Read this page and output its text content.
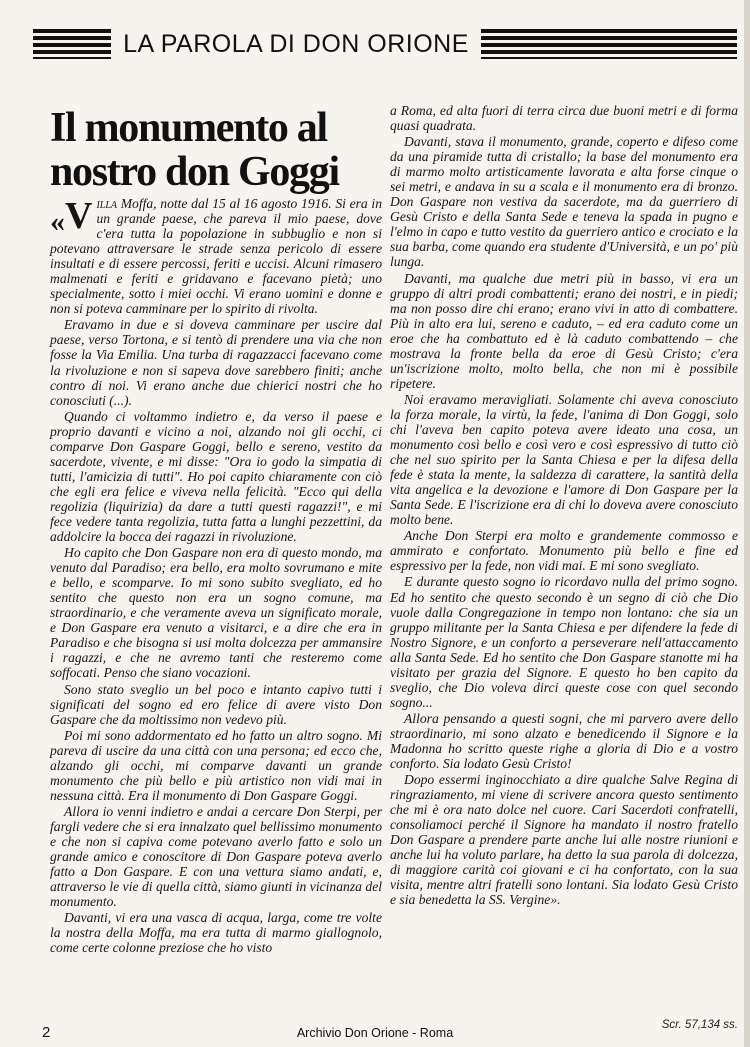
LA PAROLA DI DON ORIONE
Il monumento al nostro don Goggi

«V illa Moffa, notte dal 15 al 16 agosto 1916. Si era in un grande paese, che pareva il mio paese, dove c'era tutta la popolazione in subbuglio e non si potevano attraversare le strade senza pericolo di essere insultati e di essere percossi, feriti e uccisi. Alcuni rimasero malmenati e feriti e gridavano e facevano pietà; uno specialmente, sotto i miei occhi. Vi erano uomini e donne e non si poteva camminare per lo spirito di rivolta.

Eravamo in due e si doveva camminare per uscire dal paese, verso Tortona, e si tentò di prendere una via che non fosse la Via Emilia. Una turba di ragazzacci facevano come la rivoluzione e non si sapeva dove sarebbero finiti; anche contro di noi. Vi erano anche due chierici nostri che ho conosciuti (...).

Quando ci voltammo indietro e, da verso il paese e proprio davanti e vicino a noi, alzando noi gli occhi, ci comparve Don Gaspare Goggi, bello e sereno, vestito da sacerdote, vivente, e mi disse: "Ora io godo la simpatia di tutti, l'amicizia di tutti". Ho poi capito chiaramente con ciò che egli era felice e viveva nella felicità. "Ecco qui della regolizia (liquirizia) da dare a tutti questi ragazzi!", e mi fece vedere tanta regolizia, tutta fatta a lunghi pezzettini, da addolcire la bocca dei ragazzi in rivoluzione.

Ho capito che Don Gaspare non era di questo mondo, ma venuto dal Paradiso; era bello, era molto sovrumano e mite e bello, e scomparve. Io mi sono subito svegliato, ed ho sentito che questo non era un sogno comune, ma straordinario, e che veramente aveva un significato morale, e Don Gaspare era venuto a visitarci, e a dire che era in Paradiso e che bisogna si usi molta dolcezza per ammansire i ragazzi, e che ne avremo tanti che resteremo come soffocati. Penso che siano vocazioni.

Sono stato sveglio un bel poco e intanto capivo tutti i significati del sogno ed ero felice di avere visto Don Gaspare che da moltissimo non vedevo più.

Poi mi sono addormentato ed ho fatto un altro sogno. Mi pareva di uscire da una città con una persona; ed ecco che, alzando gli occhi, mi comparve davanti un grande monumento che più bello e più artistico non vidi mai in nessuna città. Era il monumento di Don Gaspare Goggi.

Allora io venni indietro e andai a cercare Don Sterpi, per fargli vedere che si era innalzato quel bellissimo monumento e che non si capiva come potevano averlo fatto e solo un grande amico e conoscitore di Don Gaspare poteva averlo fatto a Don Gaspare. E con una vettura siamo andati, e, attraverso le vie di quella città, siamo giunti in vicinanza del monumento.

Davanti, vi era una vasca di acqua, larga, come tre volte la nostra della Moffa, ma era tutta di marmo giallognolo, come certe colonne preziose che ho visto

a Roma, ed alta fuori di terra circa due buoni metri e di forma quasi quadrata.

Davanti, stava il monumento, grande, coperto e difeso come da una piramide tutta di cristallo; la base del monumento era di marmo molto artisticamente lavorata e alta forse cinque o sei metri, e andava in su a scala e il monumento era di bronzo. Don Gaspare non vestiva da sacerdote, ma da guerriero di Gesù Cristo e della Santa Sede e teneva la spada in pugno e l'elmo in capo e tutto vestito da guerriero antico e crociato e la sua barba, come quando era studente d'Università, e un po' più lunga.

Davanti, ma qualche due metri più in basso, vi era un gruppo di altri prodi combattenti; erano dei nostri, e in piedi; ma non posso dire chi erano; erano vivi in atto di combattere. Più in alto era lui, sereno e caduto, – ed era caduto come un eroe che ha combattuto ed è là caduto combattendo – che mostrava la fronte bella da eroe di Gesù Cristo; c'era un'iscrizione molto, molto bella, che non mi è possibile ripetere.

Noi eravamo meravigliati. Solamente chi aveva conosciuto la forza morale, la virtù, la fede, l'anima di Don Goggi, solo chi l'aveva ben capito poteva avere ideato una cosa, un monumento così bello e così vero e così espressivo di tutto ciò che nel suo spirito per la Santa Chiesa e per la difesa della fede è stata la mente, la saldezza di carattere, la santità della vita angelica e la devozione e l'amore di Don Gaspare per la Santa Sede. E l'iscrizione era di chi lo doveva avere conosciuto molto bene.

Anche Don Sterpi era molto e grandemente commosso e ammirato e confortato. Monumento più bello e fine ed espressivo per la fede, non vidi mai. E mi sono svegliato.

E durante questo sogno io ricordavo nulla del primo sogno. Ed ho sentito che questo secondo è un segno di ciò che Dio vuole dalla Congregazione in tempo non lontano: che sia un gruppo militante per la Santa Chiesa e per difendere la fede di Nostro Signore, e un conforto a perseverare nell'attaccamento alla Santa Sede. Ed ho sentito che Don Gaspare stanotte mi ha visitato per grazia del Signore. E questo ho ben capito da sveglio, che Dio voleva dirci queste cose con quel secondo sogno...

Allora pensando a questi sogni, che mi parvero avere dello straordinario, mi sono alzato e benedicendo il Signore e la Madonna ho scritto queste righe a gloria di Dio e a vostro conforto. Sia lodato Gesù Cristo!

Dopo essermi inginocchiato a dire qualche Salve Regina di ringraziamento, mi viene di scrivere ancora questo sentimento che mi è ora nato dolce nel cuore. Cari Sacerdoti confratelli, consoliamoci perché il Signore ha mandato il nostro fratello Don Gaspare a prendere parte anche lui alle nostre riunioni e anche lui ha voluto parlare, ha detto la sua parola di dolcezza, di maggiore carità coi giovani e ci ha confortato, con la sua visita, mentre altri fratelli sono lontani. Sia lodato Gesù Cristo e sia benedetta la SS. Vergine».

Scr. 57,134 ss.
2	Archivio Don Orione - Roma
